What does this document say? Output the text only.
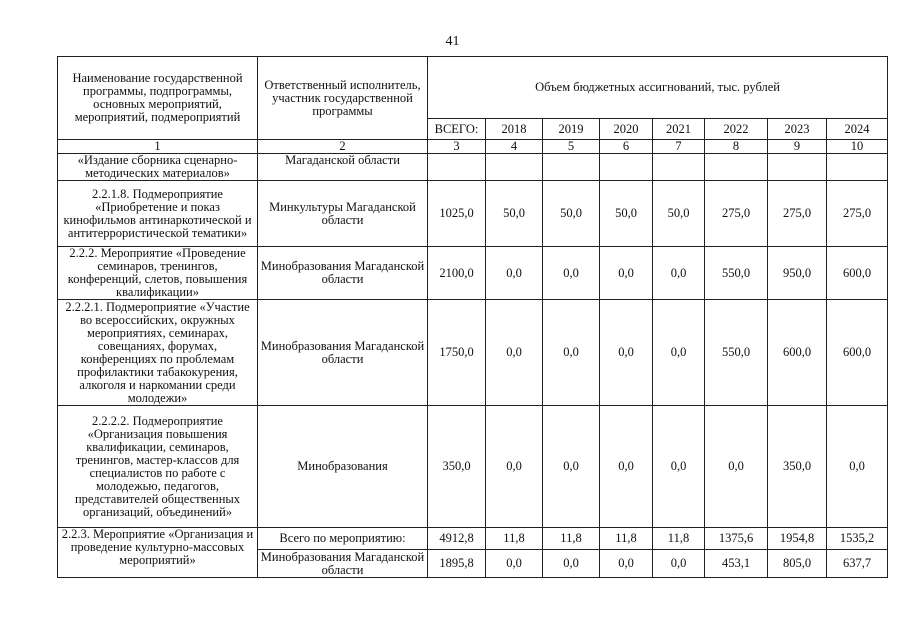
41
Наименование государственной программы, подпрограммы, основных мероприятий, мероприятий, подмероприятий	Ответственный исполнитель, участник государственной программы	Объем бюджетных ассигнований, тыс. рублей							
		ВСЕГО:	2018	2019	2020	2021	2022	2023	2024
1	2	3	4	5	6	7	8	9	10
«Издание сборника сценарно-методических материалов»	Магаданской области								
2.2.1.8. Подмероприятие «Приобретение и показ кинофильмов антинаркотической и антитеррористической тематики»	Минкультуры Магаданской области	1025,0	50,0	50,0	50,0	50,0	275,0	275,0	275,0
2.2.2. Мероприятие «Проведение семинаров, тренингов, конференций, слетов, повышения квалификации»	Минобразования Магаданской области	2100,0	0,0	0,0	0,0	0,0	550,0	950,0	600,0
2.2.2.1. Подмероприятие «Участие во всероссийских, окружных мероприятиях, семинарах, совещаниях, форумах, конференциях по проблемам профилактики табакокурения, алкоголя и наркомании среди молодежи»	Минобразования Магаданской области	1750,0	0,0	0,0	0,0	0,0	550,0	600,0	600,0
2.2.2.2. Подмероприятие «Организация повышения квалификации, семинаров, тренингов, мастер-классов для специалистов по работе с молодежью, педагогов, представителей общественных организаций, объединений»	Минобразования	350,0	0,0	0,0	0,0	0,0	0,0	350,0	0,0
2.2.3. Мероприятие «Организация и проведение культурно-массовых мероприятий»	Всего по мероприятию:	4912,8	11,8	11,8	11,8	11,8	1375,6	1954,8	1535,2
	Минобразования Магаданской области	1895,8	0,0	0,0	0,0	0,0	453,1	805,0	637,7
